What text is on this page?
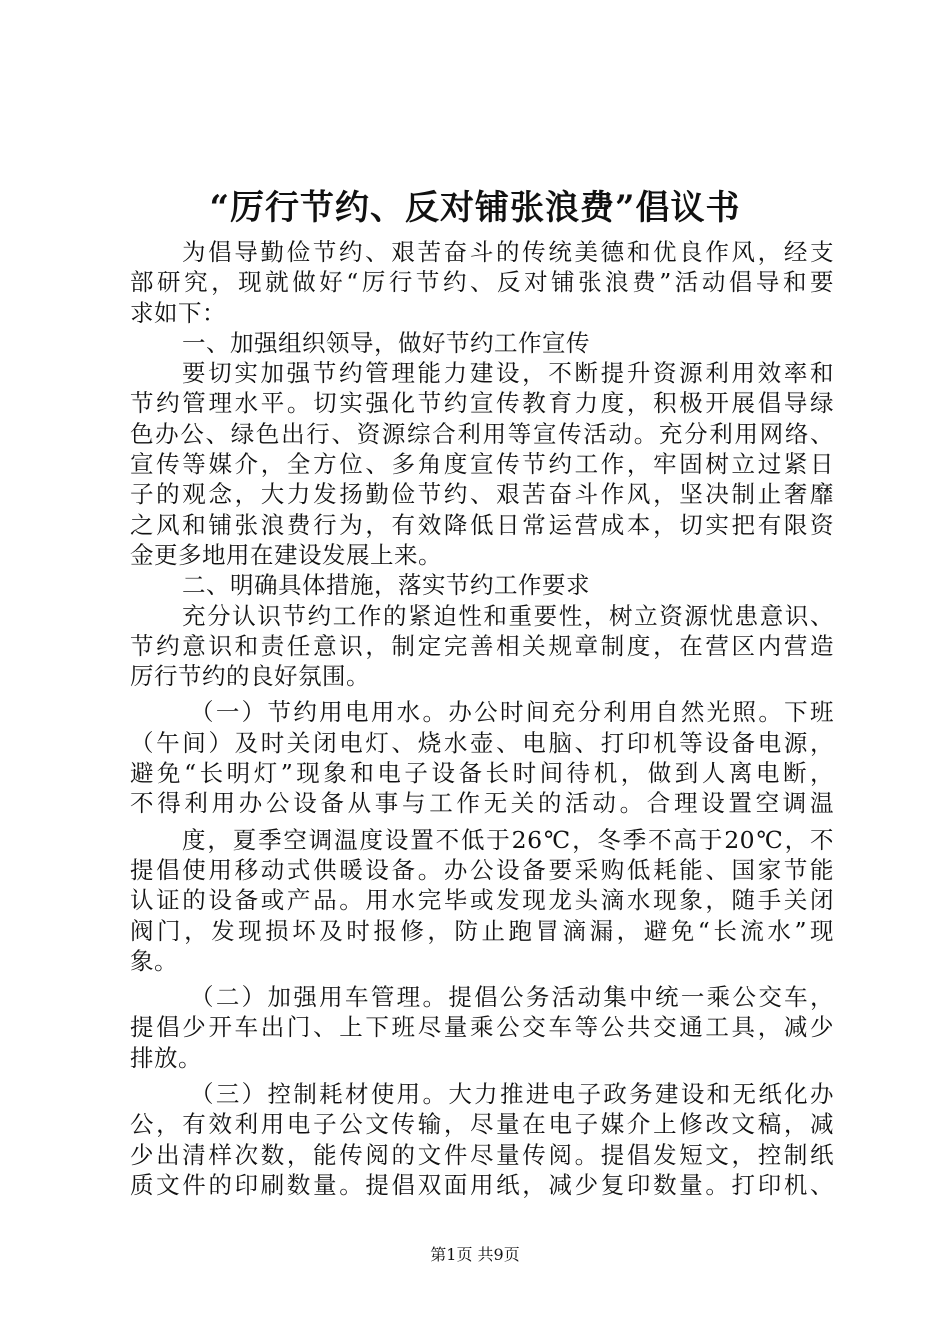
“厉行节约、反对铺张浪费”倡议书
为倡导勤俭节约、艰苦奋斗的传统美德和优良作风，经支
部研究，现就做好“厉行节约、反对铺张浪费”活动倡导和要
求如下：
一、加强组织领导，做好节约工作宣传
要切实加强节约管理能力建设，不断提升资源利用效率和
节约管理水平。切实强化节约宣传教育力度，积极开展倡导绿
色办公、绿色出行、资源综合利用等宣传活动。充分利用网络、
宣传等媒介，全方位、多角度宣传节约工作，牢固树立过紧日
子的观念，大力发扬勤俭节约、艰苦奋斗作风，坚决制止奢靡
之风和铺张浪费行为，有效降低日常运营成本，切实把有限资
金更多地用在建设发展上来。
二、明确具体措施，落实节约工作要求
充分认识节约工作的紧迫性和重要性，树立资源忧患意识、
节约意识和责任意识，制定完善相关规章制度，在营区内营造
厉行节约的良好氛围。
（一）节约用电用水。办公时间充分利用自然光照。下班
（午间）及时关闭电灯、烧水壶、电脑、打印机等设备电源，
避免“长明灯”现象和电子设备长时间待机，做到人离电断，
不得利用办公设备从事与工作无关的活动。合理设置空调温
度，夏季空调温度设置不低于26℃，冬季不高于20℃，不
提倡使用移动式供暖设备。办公设备要采购低耗能、国家节能
认证的设备或产品。用水完毕或发现龙头滴水现象，随手关闭
阀门，发现损坏及时报修，防止跑冒滴漏，避免“长流水”现
象。
（二）加强用车管理。提倡公务活动集中统一乘公交车，
提倡少开车出门、上下班尽量乘公交车等公共交通工具，减少
排放。
（三）控制耗材使用。大力推进电子政务建设和无纸化办
公，有效利用电子公文传输，尽量在电子媒介上修改文稿，减
少出清样次数，能传阅的文件尽量传阅。提倡发短文，控制纸
质文件的印刷数量。提倡双面用纸，减少复印数量。打印机、
第1页 共9页
